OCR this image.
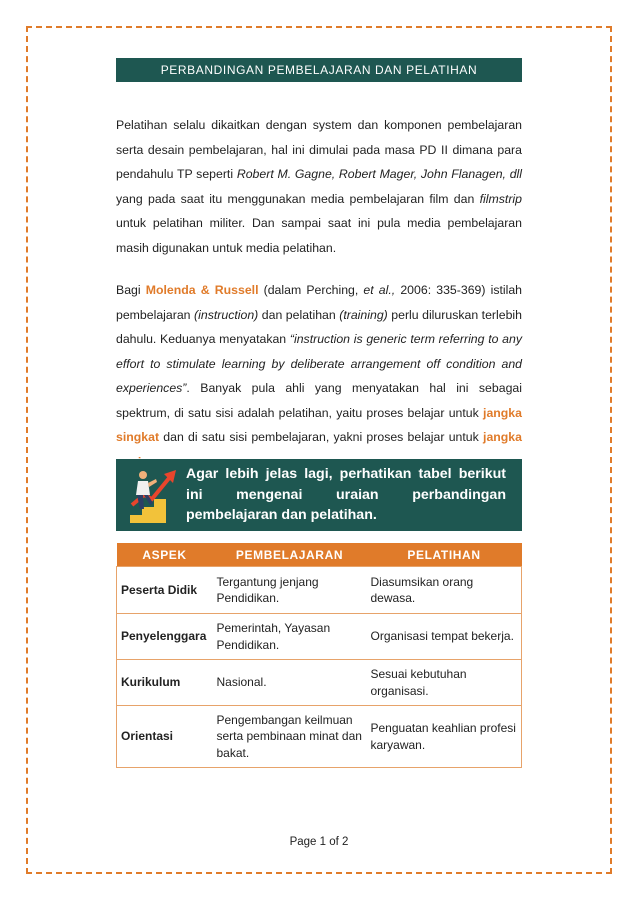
PERBANDINGAN PEMBELAJARAN DAN PELATIHAN

Pelatihan selalu dikaitkan dengan system dan komponen pembelajaran serta desain pembelajaran, hal ini dimulai pada masa PD II dimana para pendahulu TP seperti Robert M. Gagne, Robert Mager, John Flanagen, dll yang pada saat itu menggunakan media pembelajaran film dan filmstrip untuk pelatihan militer. Dan sampai saat ini pula media pembelajaran masih digunakan untuk media pelatihan.

Bagi Molenda & Russell (dalam Perching, et al., 2006: 335-369) istilah pembelajaran (instruction) dan pelatihan (training) perlu diluruskan terlebih dahulu. Keduanya menyatakan “instruction is generic term referring to any effort to stimulate learning by deliberate arrangement off condition and experiences”. Banyak pula ahli yang menyatakan hal ini sebagai spektrum, di satu sisi adalah pelatihan, yaitu proses belajar untuk jangka singkat dan di satu sisi pembelajaran, yakni proses belajar untuk jangka

Agar lebih jelas lagi, perhatikan tabel berikut ini mengenai uraian perbandingan pembelajaran dan pelatihan.
ASPEK	PEMBELAJARAN	PELATIHAN
Peserta Didik	Tergantung jenjang Pendidikan.	Diasumsikan orang dewasa.
Penyelenggara	Pemerintah, Yayasan Pendidikan.	Organisasi tempat bekerja.
Kurikulum	Nasional.	Sesuai kebutuhan organisasi.
Orientasi	Pengembangan keilmuan serta pembinaan minat dan bakat.	Penguatan keahlian profesi karyawan.
Page 1 of 2
